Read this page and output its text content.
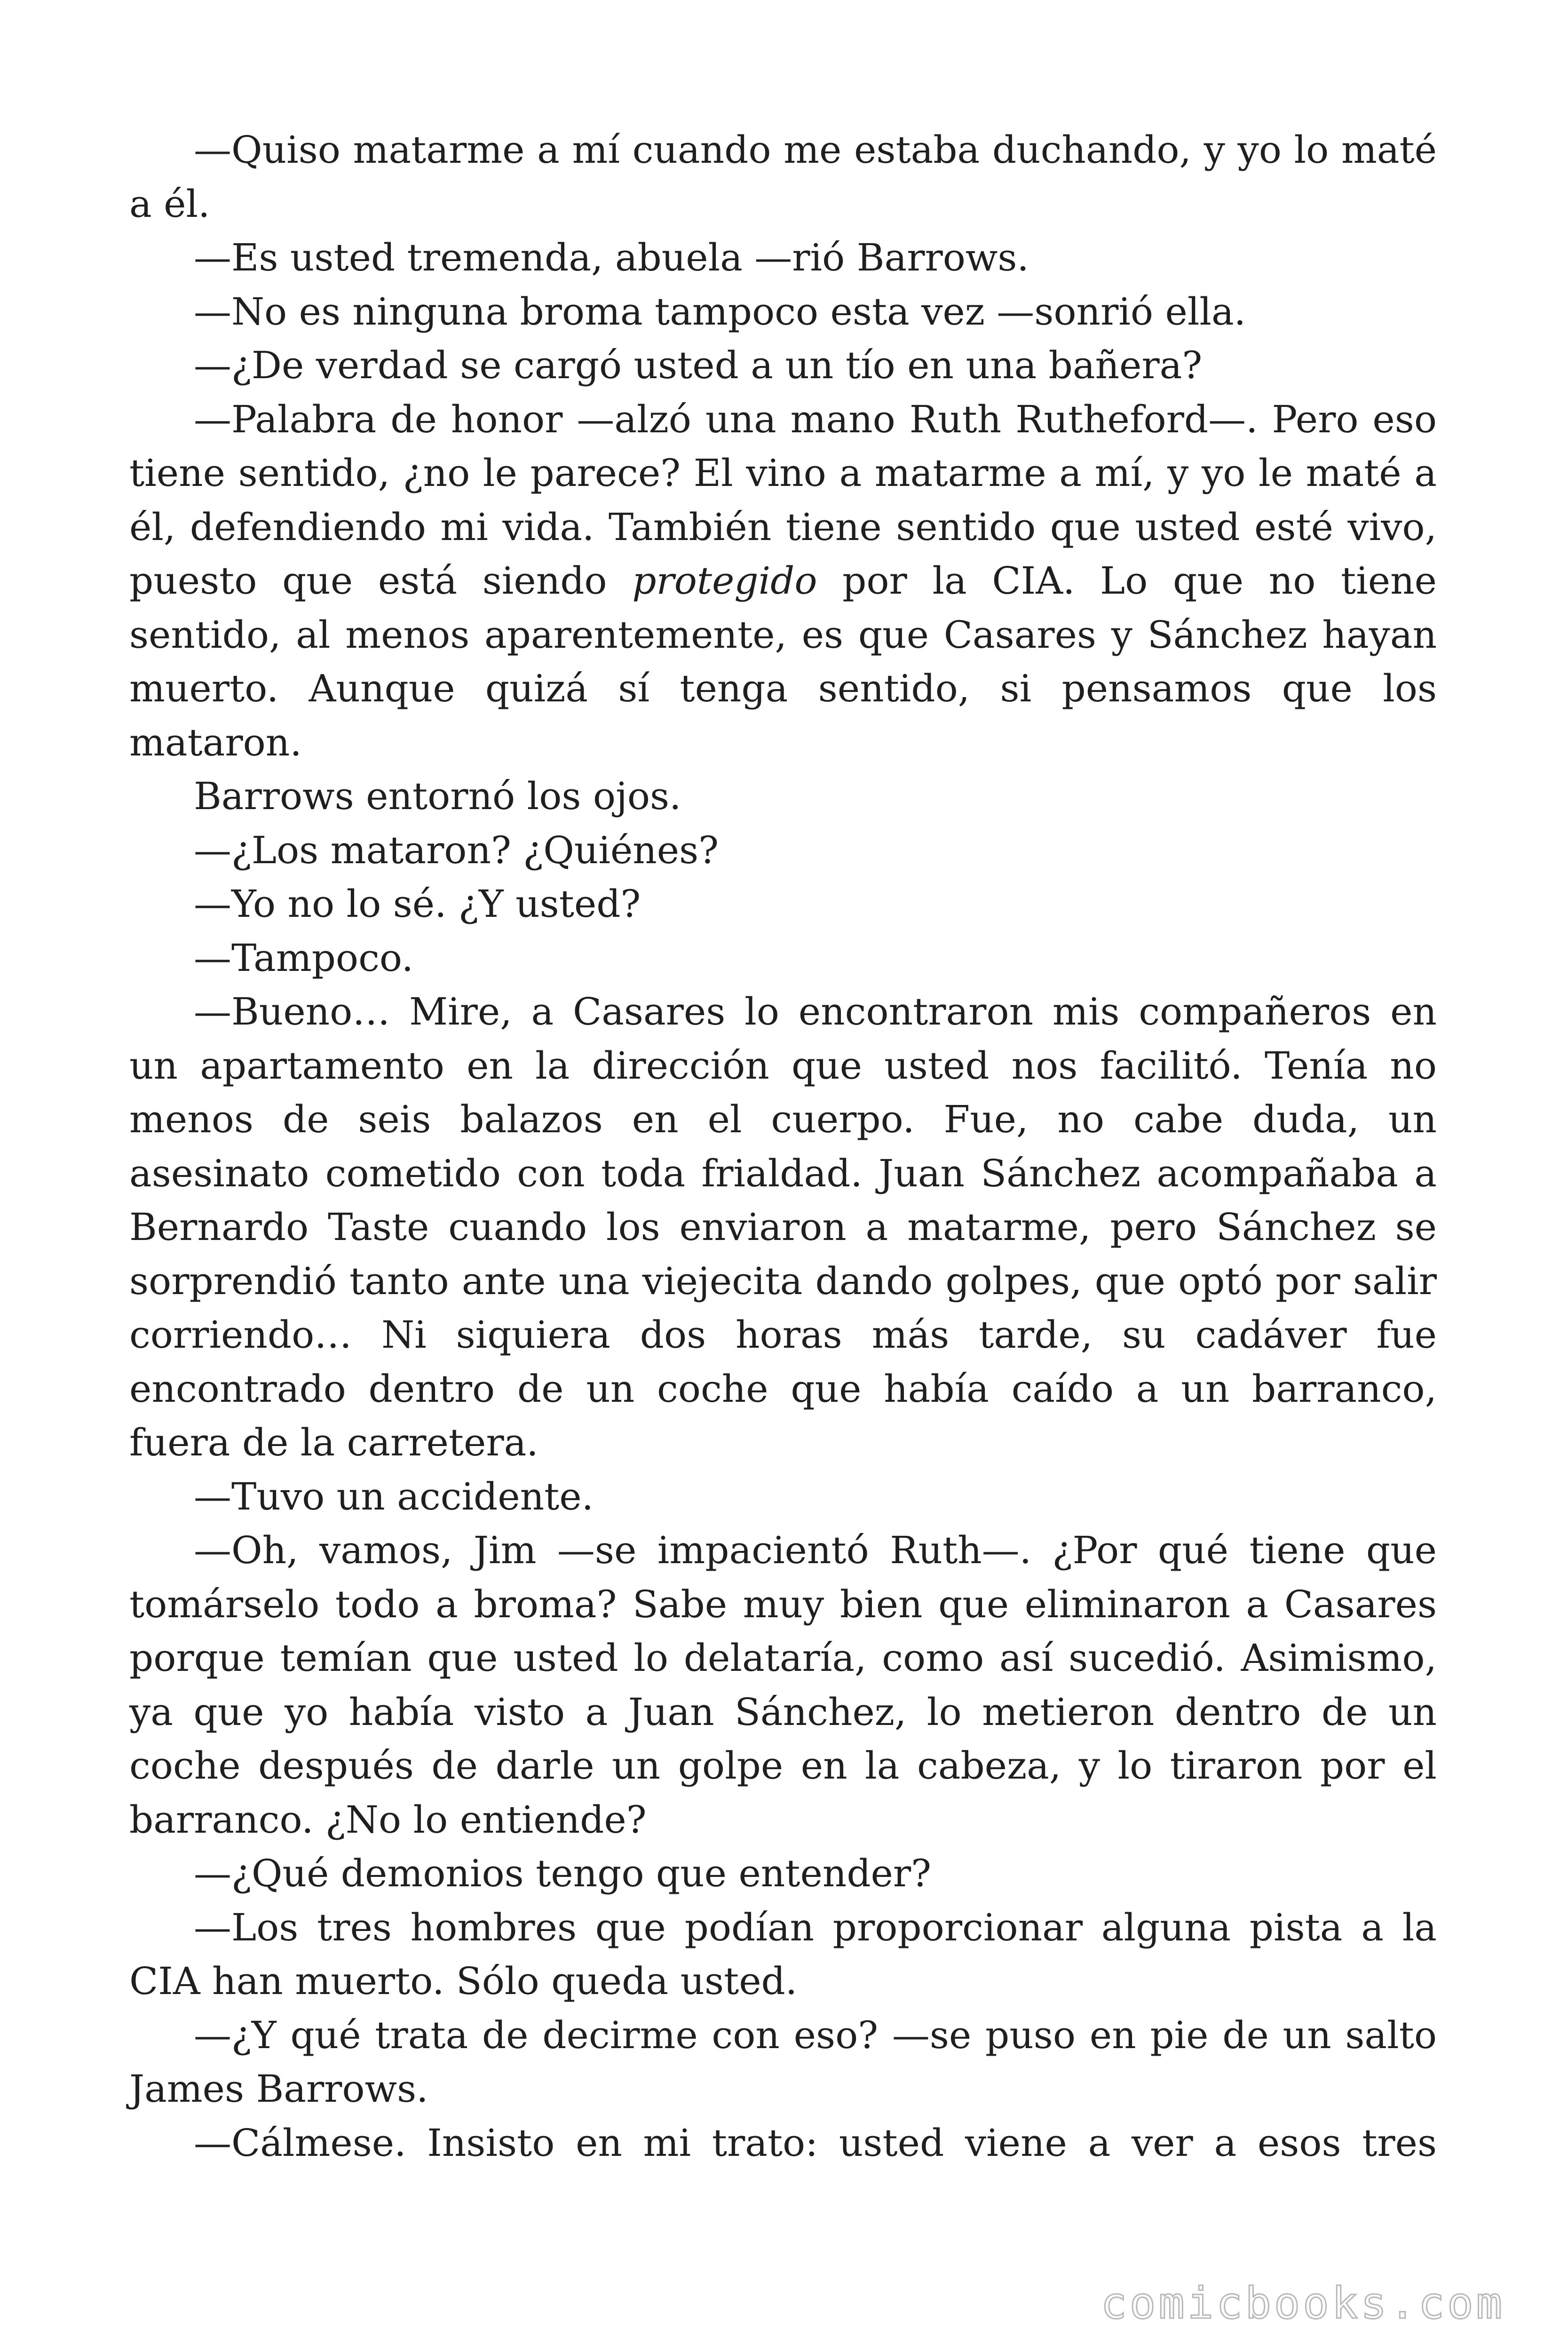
—Quiso matarme a mí cuando me estaba duchando, y yo lo maté a él.

—Es usted tremenda, abuela —rió Barrows.

—No es ninguna broma tampoco esta vez —sonrió ella.

—¿De verdad se cargó usted a un tío en una bañera?

—Palabra de honor —alzó una mano Ruth Rutheford—. Pero eso tiene sentido, ¿no le parece? El vino a matarme a mí, y yo le maté a él, defendiendo mi vida. También tiene sentido que usted esté vivo, puesto que está siendo protegido por la CIA. Lo que no tiene sentido, al menos aparentemente, es que Casares y Sánchez hayan muerto. Aunque quizá sí tenga sentido, si pensamos que los mataron.

Barrows entornó los ojos.

—¿Los mataron? ¿Quiénes?

—Yo no lo sé. ¿Y usted?

—Tampoco.

—Bueno… Mire, a Casares lo encontraron mis compañeros en un apartamento en la dirección que usted nos facilitó. Tenía no menos de seis balazos en el cuerpo. Fue, no cabe duda, un asesinato cometido con toda frialdad. Juan Sánchez acompañaba a Bernardo Taste cuando los enviaron a matarme, pero Sánchez se sorprendió tanto ante una viejecita dando golpes, que optó por salir corriendo… Ni siquiera dos horas más tarde, su cadáver fue encontrado dentro de un coche que había caído a un barranco, fuera de la carretera.

—Tuvo un accidente.

—Oh, vamos, Jim —se impacientó Ruth—. ¿Por qué tiene que tomárselo todo a broma? Sabe muy bien que eliminaron a Casares porque temían que usted lo delataría, como así sucedió. Asimismo, ya que yo había visto a Juan Sánchez, lo metieron dentro de un coche después de darle un golpe en la cabeza, y lo tiraron por el barranco. ¿No lo entiende?

—¿Qué demonios tengo que entender?

—Los tres hombres que podían proporcionar alguna pista a la CIA han muerto. Sólo queda usted.

—¿Y qué trata de decirme con eso? —se puso en pie de un salto James Barrows.

—Cálmese. Insisto en mi trato: usted viene a ver a esos tres

comicbooks.com
